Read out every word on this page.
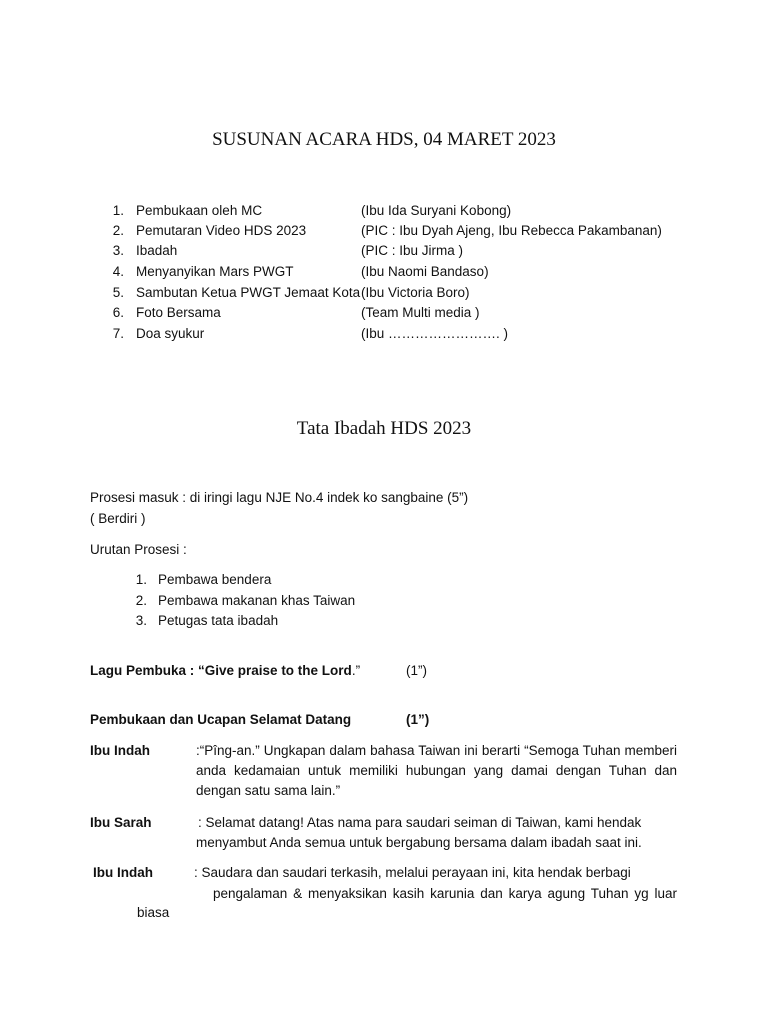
SUSUNAN ACARA HDS, 04 MARET 2023
1. Pembukaan oleh MC	(Ibu Ida Suryani Kobong)
2. Pemutaran Video HDS 2023	(PIC : Ibu Dyah Ajeng, Ibu Rebecca Pakambanan)
3. Ibadah	(PIC : Ibu Jirma )
4. Menyanyikan Mars PWGT	(Ibu Naomi Bandaso)
5. Sambutan Ketua PWGT Jemaat Kota (Ibu Victoria Boro)
6. Foto Bersama	(Team Multi media )
7. Doa syukur	(Ibu ……………………. )
Tata Ibadah HDS 2023
Prosesi masuk : di iringi lagu NJE No.4 indek ko sangbaine (5”)
( Berdiri )
Urutan Prosesi :
1. Pembawa bendera
2. Pembawa makanan khas Taiwan
3. Petugas tata ibadah
Lagu Pembuka : “Give praise to the Lord.”	(1”)
Pembukaan dan Ucapan Selamat Datang	(1”)
Ibu Indah	:“Pîng-an.” Ungkapan dalam bahasa Taiwan ini berarti “Semoga Tuhan memberi anda kedamaian untuk memiliki hubungan yang damai dengan Tuhan dan dengan satu sama lain.”
Ibu Sarah	: Selamat datang! Atas nama para saudari seiman di Taiwan, kami hendak
menyambut Anda semua untuk bergabung bersama dalam ibadah saat ini.
Ibu Indah	: Saudara dan saudari terkasih, melalui perayaan ini, kita hendak berbagi
pengalaman & menyaksikan kasih karunia dan karya agung Tuhan yg luar
biasa
